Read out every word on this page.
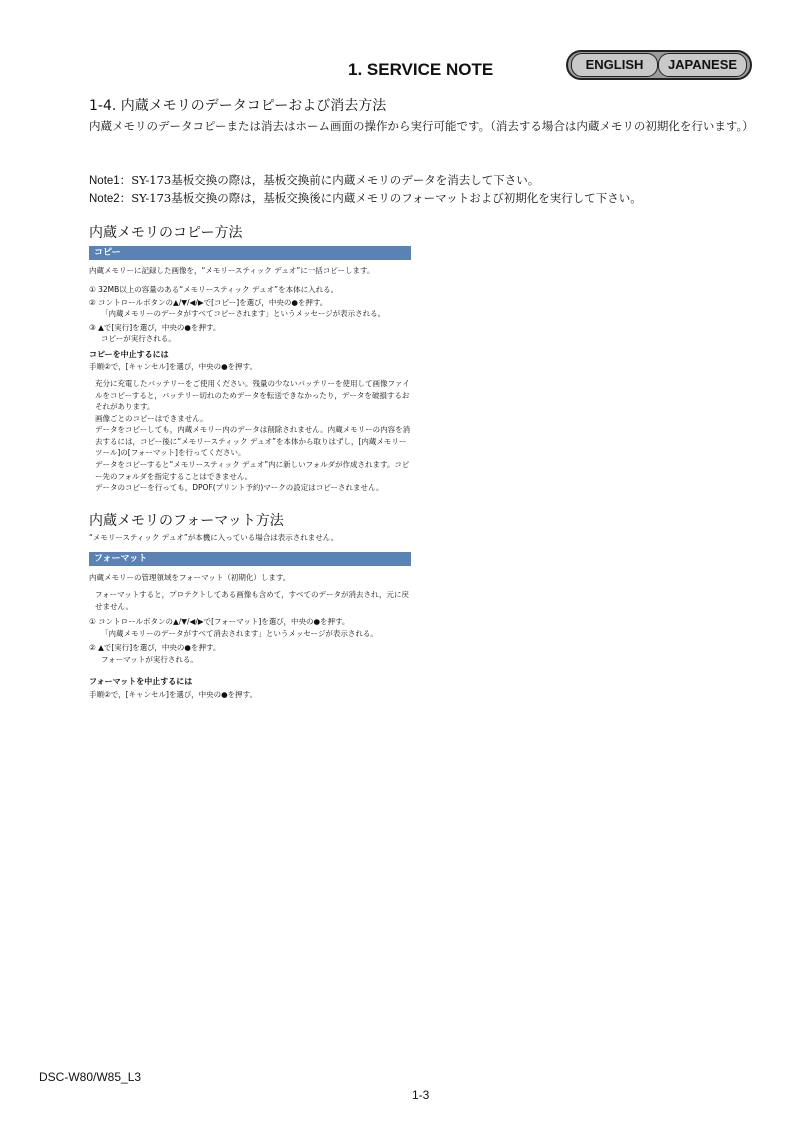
1. SERVICE NOTE	ENGLISH	JAPANESE
1-4. 内蔵メモリのデータコピーおよび消去方法
内蔵メモリのデータコピーまたは消去はホーム画面の操作から実行可能です。（消去する場合は内蔵メモリの初期化を行います。）
Note1：SY-173基板交換の際は，基板交換前に内蔵メモリのデータを消去して下さい。
Note2：SY-173基板交換の際は，基板交換後に内蔵メモリのフォーマットおよび初期化を実行して下さい。
内蔵メモリのコピー方法
コピー
内蔵メモリーに記録した画像を，“メモリースティック デュオ”に一括コピーします。
① 32MB以上の容量のある“メモリースティック デュオ”を本体に入れる。
② コントロールボタンの▲/▼/◀/▶で[コピー]を選び，中央の●を押す。
「内蔵メモリーのデータがすべてコピーされます」というメッセージが表示される。
③ ▲で[実行]を選び，中央の●を押す。
コピーが実行される。
コピーを中止するには
手順②で，[キャンセル]を選び，中央の●を押す。
充分に充電したバッテリーをご使用ください。残量の少ないバッテリーを使用して画像ファイルをコピーすると，バッテリー切れのためデータを転送できなかったり，データを破損するおそれがあります。
画像ごとのコピーはできません。
データをコピーしても，内蔵メモリー内のデータは削除されません。内蔵メモリーの内容を消去するには，コピー後に“メモリースティック デュオ”を本体から取りはずし，[内蔵メモリーツール]の[フォーマット]を行ってください。
データをコピーすると“メモリースティック デュオ”内に新しいフォルダが作成されます。コピー先のフォルダを指定することはできません。
データのコピーを行っても，DPOF(プリント予約)マークの設定はコピーされません。
内蔵メモリのフォーマット方法
“メモリースティック デュオ”が本機に入っている場合は表示されません。
フォーマット
内蔵メモリーの管理領域をフォーマット（初期化）します。
フォーマットすると，プロテクトしてある画像も含めて，すべてのデータが消去され，元に戻せません。
① コントロールボタンの▲/▼/◀/▶で[フォーマット]を選び，中央の●を押す。
「内蔵メモリーのデータがすべて消去されます」というメッセージが表示される。
② ▲で[実行]を選び，中央の●を押す。
フォーマットが実行される。
フォーマットを中止するには
手順②で，[キャンセル]を選び，中央の●を押す。
DSC-W80/W85_L3
1-3
